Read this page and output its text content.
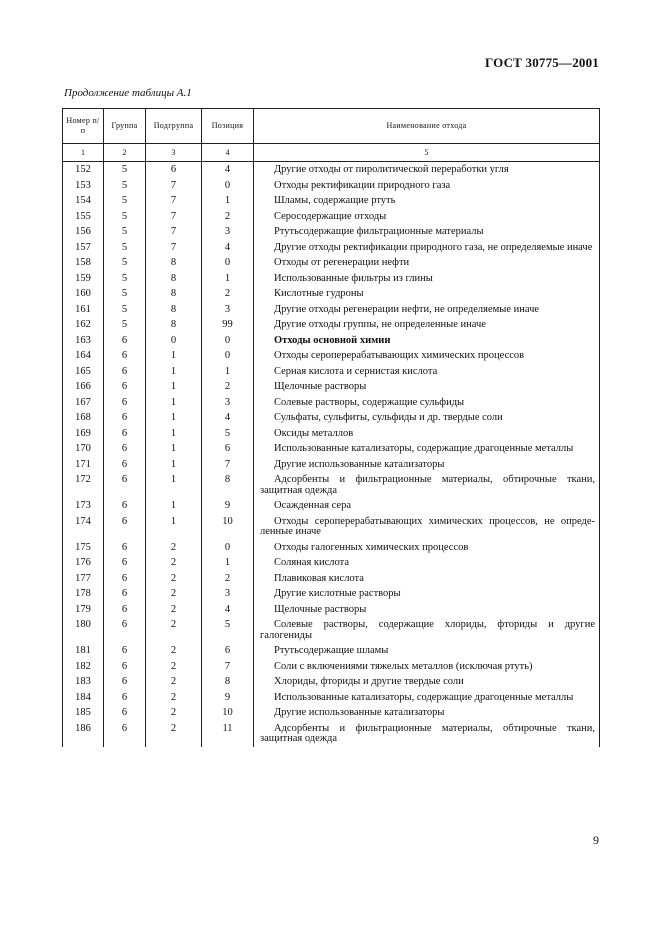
ГОСТ 30775—2001
Продолжение таблицы А.1
Номер п/п	Группа	Подгруппа	Позиция	Наименование отхода
1	2	3	4	5
152	5	6	4	Другие отходы от пиролитической переработки угля
153	5	7	0	Отходы ректификации природного газа
154	5	7	1	Шламы, содержащие ртуть
155	5	7	2	Серосодержащие отходы
156	5	7	3	Ртутьсодержащие фильтрационные материалы
157	5	7	4	Другие отходы ректификации природного газа, не определяемые иначе
158	5	8	0	Отходы от регенерации нефти
159	5	8	1	Использованные фильтры из глины
160	5	8	2	Кислотные гудроны
161	5	8	3	Другие отходы регенерации нефти, не определяемые иначе
162	5	8	99	Другие отходы группы, не определенные иначе
163	6	0	0	Отходы основной химии
164	6	1	0	Отходы сероперерабатывающих химических процессов
165	6	1	1	Серная кислота и сернистая кислота
166	6	1	2	Щелочные растворы
167	6	1	3	Солевые растворы, содержащие сульфиды
168	6	1	4	Сульфаты, сульфиты, сульфиды и др. твердые соли
169	6	1	5	Оксиды металлов
170	6	1	6	Использованные катализаторы, содержащие драгоценные металлы
171	6	1	7	Другие использованные катализаторы
172	6	1	8	Адсорбенты и фильтрационные материалы, обтирочные ткани, защитная одежда
173	6	1	9	Осажденная сера
174	6	1	10	Отходы сероперерабатывающих химических процессов, не определенные иначе
175	6	2	0	Отходы галогенных химических процессов
176	6	2	1	Соляная кислота
177	6	2	2	Плавиковая кислота
178	6	2	3	Другие кислотные растворы
179	6	2	4	Щелочные растворы
180	6	2	5	Солевые растворы, содержащие хлориды, фториды и другие галогениды
181	6	2	6	Ртутьсодержащие шламы
182	6	2	7	Соли с включениями тяжелых металлов (исключая ртуть)
183	6	2	8	Хлориды, фториды и другие твердые соли
184	6	2	9	Использованные катализаторы, содержащие драгоценные металлы
185	6	2	10	Другие использованные катализаторы
186	6	2	11	Адсорбенты и фильтрационные материалы, обтирочные ткани, защитная одежда
9
